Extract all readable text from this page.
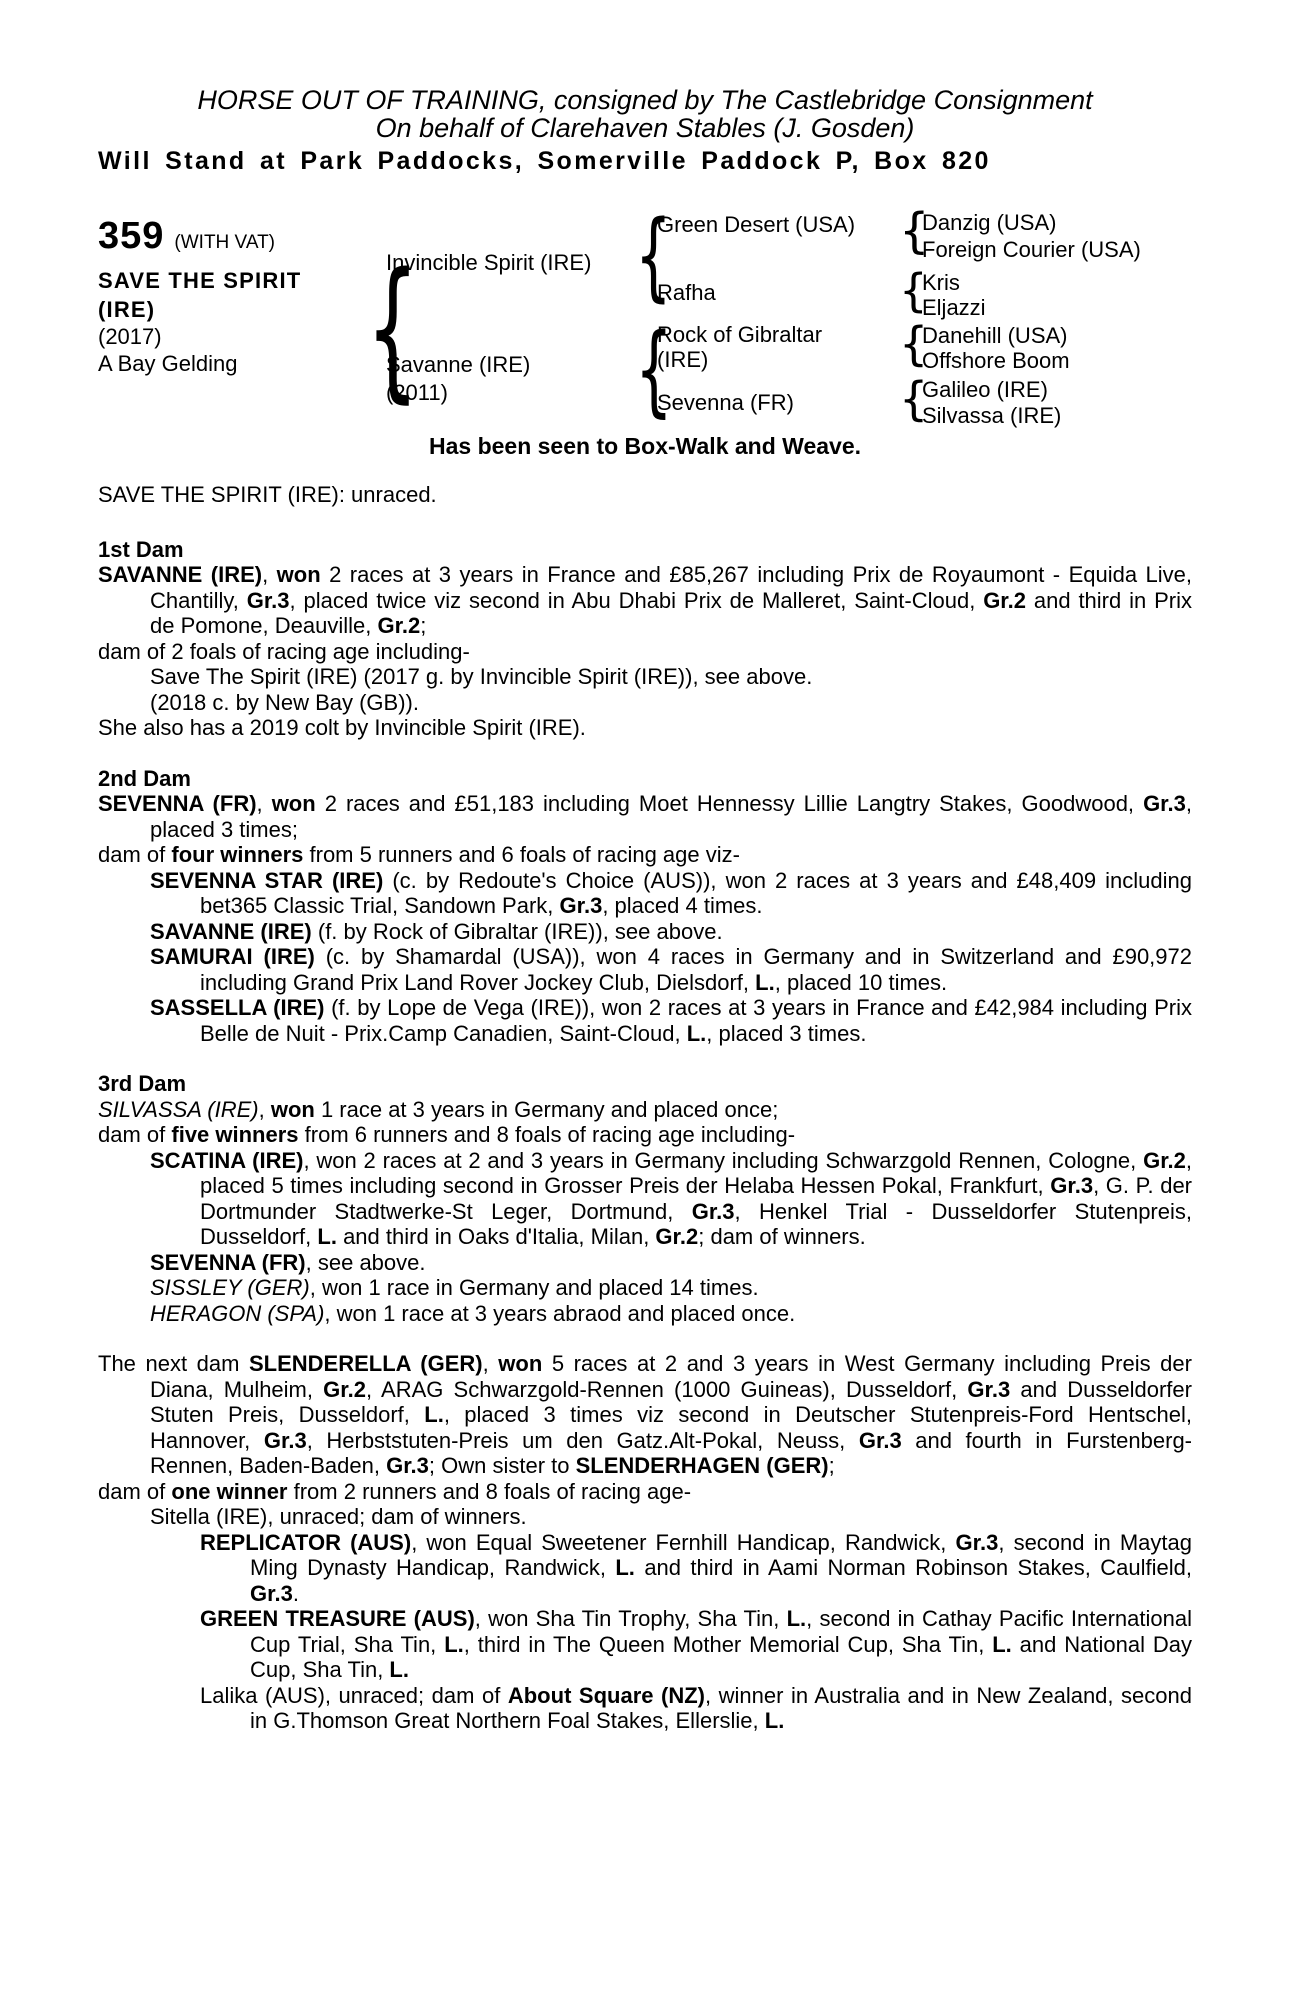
HORSE OUT OF TRAINING, consigned by The Castlebridge Consignment
On behalf of Clarehaven Stables (J. Gosden)
Will Stand at Park Paddocks, Somerville Paddock P, Box 820
359 (WITH VAT)
SAVE THE SPIRIT
(IRE)
(2017)
A Bay Gelding
{
{
{
{
{
{
{
Invincible Spirit (IRE)
Savanne (IRE)
(2011)
Green Desert (USA)
Rafha
Rock of Gibraltar (IRE)
Sevenna (FR)
Danzig (USA)
Foreign Courier (USA)
Kris
Eljazzi
Danehill (USA)
Offshore Boom
Galileo (IRE)
Silvassa (IRE)
Has been seen to Box-Walk and Weave.
SAVE THE SPIRIT (IRE): unraced.

1st Dam

SAVANNE (IRE), won 2 races at 3 years in France and £85,267 including Prix de Royaumont - Equida Live, Chantilly, Gr.3, placed twice viz second in Abu Dhabi Prix de Malleret, Saint-Cloud, Gr.2 and third in Prix de Pomone, Deauville, Gr.2;

dam of 2 foals of racing age including-

Save The Spirit (IRE) (2017 g. by Invincible Spirit (IRE)), see above.

(2018 c. by New Bay (GB)).

She also has a 2019 colt by Invincible Spirit (IRE).

2nd Dam

SEVENNA (FR), won 2 races and £51,183 including Moet Hennessy Lillie Langtry Stakes, Goodwood, Gr.3, placed 3 times;

dam of four winners from 5 runners and 6 foals of racing age viz-

SEVENNA STAR (IRE) (c. by Redoute's Choice (AUS)), won 2 races at 3 years and £48,409 including bet365 Classic Trial, Sandown Park, Gr.3, placed 4 times.

SAVANNE (IRE) (f. by Rock of Gibraltar (IRE)), see above.

SAMURAI (IRE) (c. by Shamardal (USA)), won 4 races in Germany and in Switzerland and £90,972 including Grand Prix Land Rover Jockey Club, Dielsdorf, L., placed 10 times.

SASSELLA (IRE) (f. by Lope de Vega (IRE)), won 2 races at 3 years in France and £42,984 including Prix Belle de Nuit - Prix.Camp Canadien, Saint-Cloud, L., placed 3 times.

3rd Dam

SILVASSA (IRE), won 1 race at 3 years in Germany and placed once;

dam of five winners from 6 runners and 8 foals of racing age including-

SCATINA (IRE), won 2 races at 2 and 3 years in Germany including Schwarzgold Rennen, Cologne, Gr.2, placed 5 times including second in Grosser Preis der Helaba Hessen Pokal, Frankfurt, Gr.3, G. P. der Dortmunder Stadtwerke-St Leger, Dortmund, Gr.3, Henkel Trial - Dusseldorfer Stutenpreis, Dusseldorf, L. and third in Oaks d'Italia, Milan, Gr.2; dam of winners.

SEVENNA (FR), see above.

SISSLEY (GER), won 1 race in Germany and placed 14 times.

HERAGON (SPA), won 1 race at 3 years abraod and placed once.

The next dam SLENDERELLA (GER), won 5 races at 2 and 3 years in West Germany including Preis der Diana, Mulheim, Gr.2, ARAG Schwarzgold-Rennen (1000 Guineas), Dusseldorf, Gr.3 and Dusseldorfer Stuten Preis, Dusseldorf, L., placed 3 times viz second in Deutscher Stutenpreis-Ford Hentschel, Hannover, Gr.3, Herbststuten-Preis um den Gatz.Alt-Pokal, Neuss, Gr.3 and fourth in Furstenberg-Rennen, Baden-Baden, Gr.3; Own sister to SLENDERHAGEN (GER);

dam of one winner from 2 runners and 8 foals of racing age-

Sitella (IRE), unraced; dam of winners.

REPLICATOR (AUS), won Equal Sweetener Fernhill Handicap, Randwick, Gr.3, second in Maytag Ming Dynasty Handicap, Randwick, L. and third in Aami Norman Robinson Stakes, Caulfield, Gr.3.

GREEN TREASURE (AUS), won Sha Tin Trophy, Sha Tin, L., second in Cathay Pacific International Cup Trial, Sha Tin, L., third in The Queen Mother Memorial Cup, Sha Tin, L. and National Day Cup, Sha Tin, L.

Lalika (AUS), unraced; dam of About Square (NZ), winner in Australia and in New Zealand, second in G.Thomson Great Northern Foal Stakes, Ellerslie, L.
